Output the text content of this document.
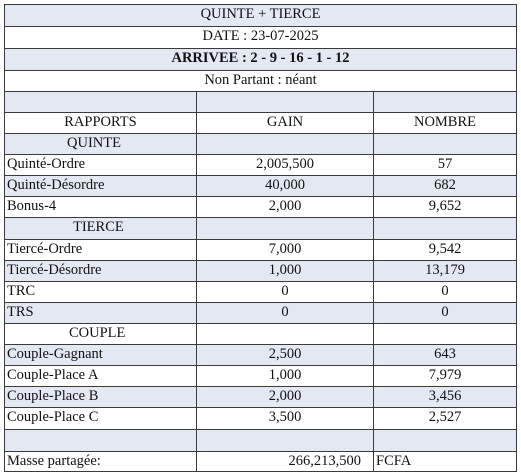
QUINTE + TIERCE
DATE : 23-07-2025
ARRIVEE : 2 - 9 - 16 - 1 - 12
Non Partant : néant
RAPPORTS	GAIN	NOMBRE
QUINTE
Quinté-Ordre	2,005,500	57
Quinté-Désordre	40,000	682
Bonus-4	2,000	9,652
TIERCE
Tiercé-Ordre	7,000	9,542
Tiercé-Désordre	1,000	13,179
TRC	0	0
TRS	0	0
COUPLE
Couple-Gagnant	2,500	643
Couple-Place A	1,000	7,979
Couple-Place B	2,000	3,456
Couple-Place C	3,500	2,527
Masse partagée:	266,213,500 FCFA
